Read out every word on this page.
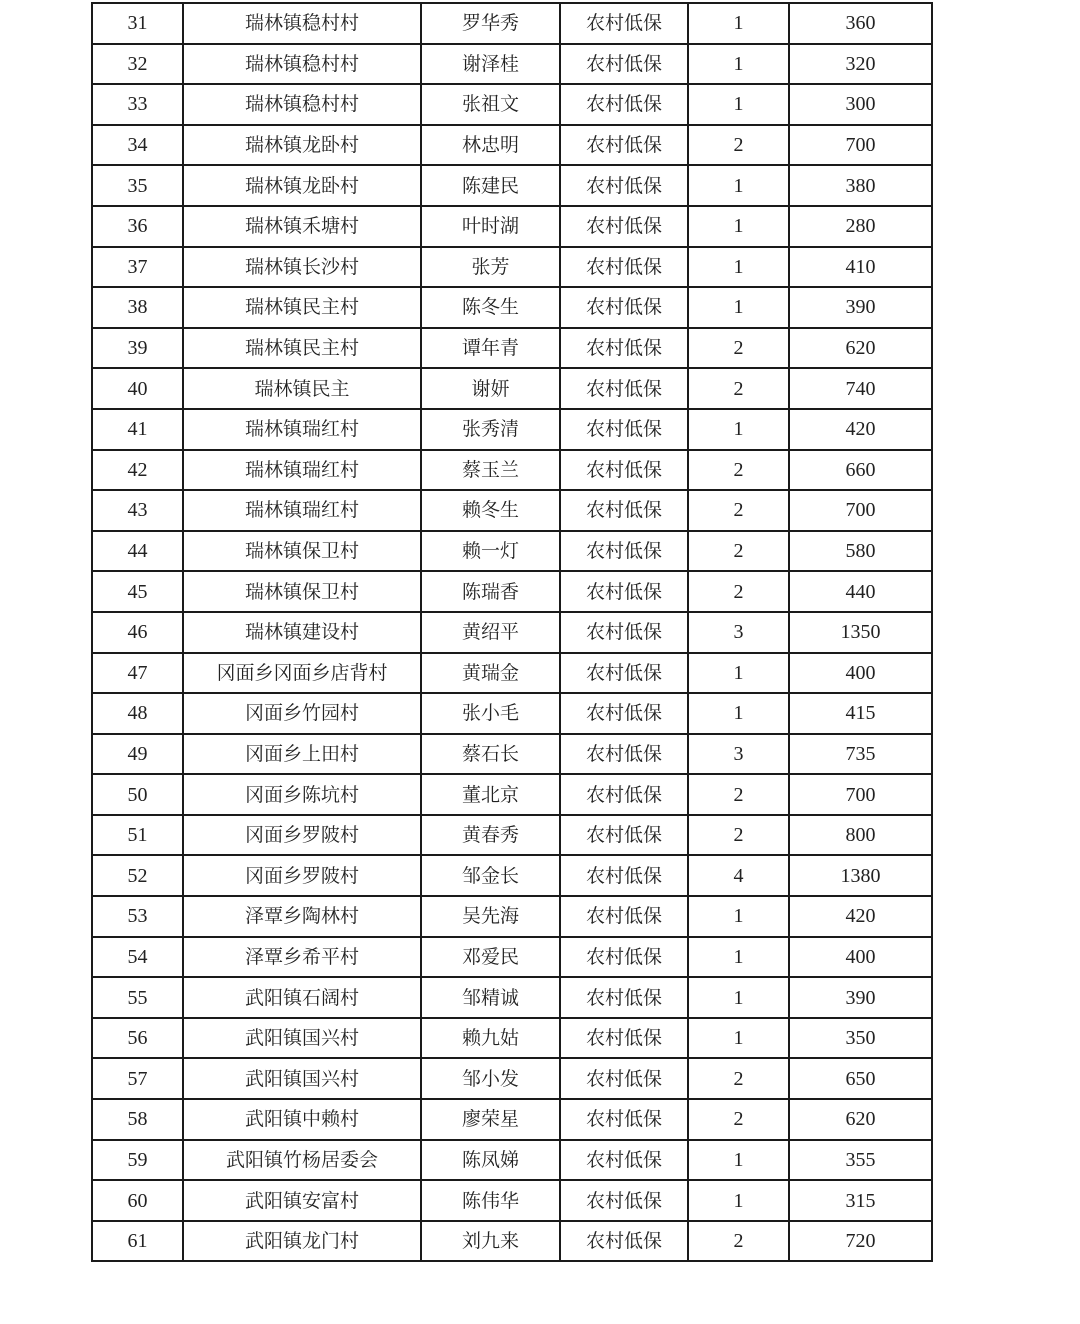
31	瑞林镇稳村村	罗华秀	农村低保	1	360
32	瑞林镇稳村村	谢泽桂	农村低保	1	320
33	瑞林镇稳村村	张祖文	农村低保	1	300
34	瑞林镇龙卧村	林忠明	农村低保	2	700
35	瑞林镇龙卧村	陈建民	农村低保	1	380
36	瑞林镇禾塘村	叶时湖	农村低保	1	280
37	瑞林镇长沙村	张芳	农村低保	1	410
38	瑞林镇民主村	陈冬生	农村低保	1	390
39	瑞林镇民主村	谭年青	农村低保	2	620
40	瑞林镇民主	谢妍	农村低保	2	740
41	瑞林镇瑞红村	张秀清	农村低保	1	420
42	瑞林镇瑞红村	蔡玉兰	农村低保	2	660
43	瑞林镇瑞红村	赖冬生	农村低保	2	700
44	瑞林镇保卫村	赖一灯	农村低保	2	580
45	瑞林镇保卫村	陈瑞香	农村低保	2	440
46	瑞林镇建设村	黄绍平	农村低保	3	1350
47	冈面乡冈面乡店背村	黄瑞金	农村低保	1	400
48	冈面乡竹园村	张小毛	农村低保	1	415
49	冈面乡上田村	蔡石长	农村低保	3	735
50	冈面乡陈坑村	董北京	农村低保	2	700
51	冈面乡罗陂村	黄春秀	农村低保	2	800
52	冈面乡罗陂村	邹金长	农村低保	4	1380
53	泽覃乡陶林村	吴先海	农村低保	1	420
54	泽覃乡希平村	邓爱民	农村低保	1	400
55	武阳镇石阔村	邹精诚	农村低保	1	390
56	武阳镇国兴村	赖九姑	农村低保	1	350
57	武阳镇国兴村	邹小发	农村低保	2	650
58	武阳镇中赖村	廖荣星	农村低保	2	620
59	武阳镇竹杨居委会	陈凤娣	农村低保	1	355
60	武阳镇安富村	陈伟华	农村低保	1	315
61	武阳镇龙门村	刘九来	农村低保	2	720
